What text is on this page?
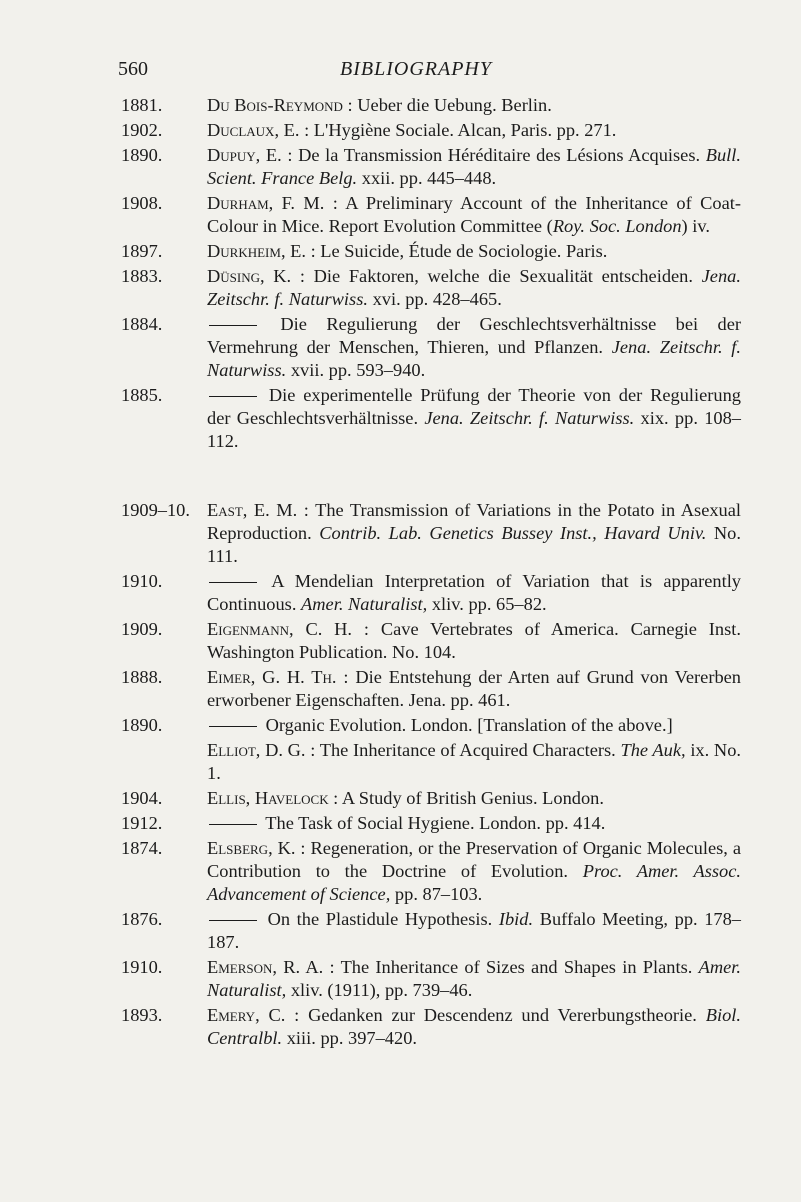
560	BIBLIOGRAPHY
1881. Du Bois-Reymond : Ueber die Uebung. Berlin.
1902. Duclaux, E. : L'Hygiène Sociale. Alcan, Paris. pp. 271.
1890. Dupuy, E. : De la Transmission Héréditaire des Lésions Acquises. Bull. Scient. France Belg. xxii. pp. 445–448.
1908. Durham, F. M. : A Preliminary Account of the Inheritance of Coat-Colour in Mice. Report Evolution Committee (Roy. Soc. London) iv.
1897. Durkheim, E. : Le Suicide, Étude de Sociologie. Paris.
1883. Düsing, K. : Die Faktoren, welche die Sexualität entscheiden. Jena. Zeitschr. f. Naturwiss. xvi. pp. 428–465.
1884.	Die Regulierung der Geschlechtsverhältnisse bei der Vermehrung der Menschen, Thieren, und Pflanzen. Jena. Zeitschr. f. Naturwiss. xvii. pp. 593–940.
1885.	Die experimentelle Prüfung der Theorie von der Regulierung der Geschlechtsverhältnisse. Jena. Zeitschr. f. Naturwiss. xix. pp. 108–112.
1909–10. East, E. M. : The Transmission of Variations in the Potato in Asexual Reproduction. Contrib. Lab. Genetics Bussey Inst., Havard Univ. No. 111.
1910.	A Mendelian Interpretation of Variation that is apparently Continuous. Amer. Naturalist, xliv. pp. 65–82.
1909. Eigenmann, C. H. : Cave Vertebrates of America. Carnegie Inst. Washington Publication. No. 104.
1888. Eimer, G. H. Th. : Die Entstehung der Arten auf Grund von Vererben erworbener Eigenschaften. Jena. pp. 461.
1890.	Organic Evolution. London. [Translation of the above.]
Elliot, D. G. : The Inheritance of Acquired Characters. The Auk, ix. No. 1.
1904. Ellis, Havelock : A Study of British Genius. London.
1912.	The Task of Social Hygiene. London. pp. 414.
1874. Elsberg, K. : Regeneration, or the Preservation of Organic Molecules, a Contribution to the Doctrine of Evolution. Proc. Amer. Assoc. Advancement of Science, pp. 87–103.
1876.	On the Plastidule Hypothesis. Ibid. Buffalo Meeting, pp. 178–187.
1910. Emerson, R. A. : The Inheritance of Sizes and Shapes in Plants. Amer. Naturalist, xliv. (1911), pp. 739–46.
1893. Emery, C. : Gedanken zur Descendenz und Vererbungstheorie. Biol. Centralbl. xiii. pp. 397–420.
